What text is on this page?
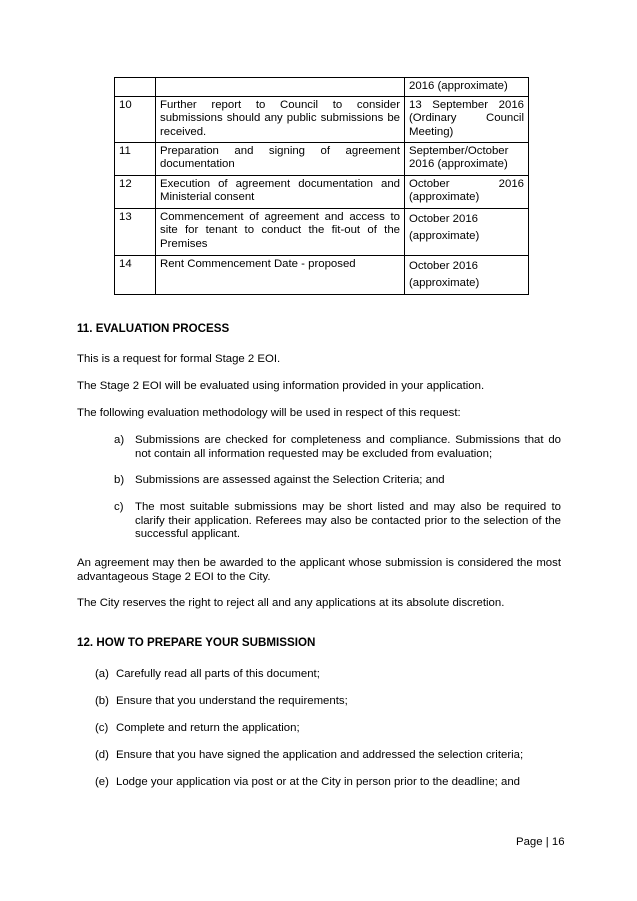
		2016 (approximate)
10	Further report to Council to consider submissions should any public submissions be received.	13 September 2016 (Ordinary Council Meeting)
11	Preparation and signing of agreement documentation	September/October 2016 (approximate)
12	Execution of agreement documentation and Ministerial consent	October 2016 (approximate)
13	Commencement of agreement and access to site for tenant to conduct the fit-out of the Premises	October 2016 (approximate)
14	Rent Commencement Date - proposed	October 2016 (approximate)
11. EVALUATION PROCESS
This is a request for formal Stage 2 EOI.
The Stage 2 EOI will be evaluated using information provided in your application.
The following evaluation methodology will be used in respect of this request:
a) Submissions are checked for completeness and compliance. Submissions that do not contain all information requested may be excluded from evaluation;
b) Submissions are assessed against the Selection Criteria; and
c)	The most suitable submissions may be short listed and may also be required to clarify their application. Referees may also be contacted prior to the selection of the successful applicant.
An agreement may then be awarded to the applicant whose submission is considered the most advantageous Stage 2 EOI to the City.
The City reserves the right to reject all and any applications at its absolute discretion.
12. HOW TO PREPARE YOUR SUBMISSION
(a) Carefully read all parts of this document;
(b) Ensure that you understand the requirements;
(c) Complete and return the application;
(d) Ensure that you have signed the application and addressed the selection criteria;
(e) Lodge your application via post or at the City in person prior to the deadline; and
Page | 16
